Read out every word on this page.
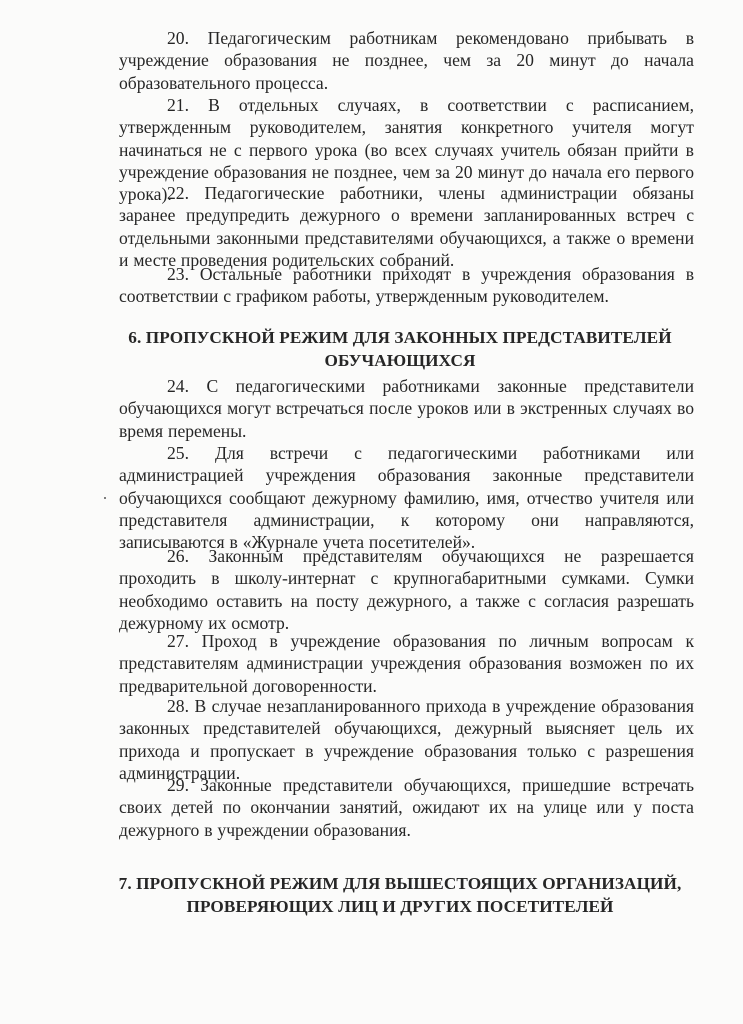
20. Педагогическим работникам рекомендовано прибывать в учреждение образования не позднее, чем за 20 минут до начала образовательного процесса.

21. В отдельных случаях, в соответствии с расписанием, утвержденным руководителем, занятия конкретного учителя могут начинаться не с первого урока (во всех случаях учитель обязан прийти в учреждение образования не позднее, чем за 20 минут до начала его первого урока).

22. Педагогические работники, члены администрации обязаны заранее предупредить дежурного о времени запланированных встреч с отдельными законными представителями обучающихся, а также о времени и месте проведения родительских собраний.

23. Остальные работники приходят в учреждения образования в соответствии с графиком работы, утвержденным руководителем.

6. ПРОПУСКНОЙ РЕЖИМ ДЛЯ ЗАКОННЫХ ПРЕДСТАВИТЕЛЕЙ
ОБУЧАЮЩИХСЯ

24. С педагогическими работниками законные представители обучающихся могут встречаться после уроков или в экстренных случаях во время перемены.

25. Для встречи с педагогическими работниками или администрацией учреждения образования законные представители обучающихся сообщают дежурному фамилию, имя, отчество учителя или представителя администрации, к которому они направляются, записываются в «Журнале учета посетителей».

26. Законным представителям обучающихся не разрешается проходить в школу-интернат с крупногабаритными сумками. Сумки необходимо оставить на посту дежурного, а также с согласия разрешать дежурному их осмотр.

27. Проход в учреждение образования по личным вопросам к представителям администрации учреждения образования возможен по их предварительной договоренности.

28. В случае незапланированного прихода в учреждение образования законных представителей обучающихся, дежурный выясняет цель их прихода и пропускает в учреждение образования только с разрешения администрации.

29. Законные представители обучающихся, пришедшие встречать своих детей по окончании занятий, ожидают их на улице или у поста дежурного в учреждении образования.

7. ПРОПУСКНОЙ РЕЖИМ ДЛЯ ВЫШЕСТОЯЩИХ ОРГАНИЗАЦИЙ,
ПРОВЕРЯЮЩИХ ЛИЦ И ДРУГИХ ПОСЕТИТЕЛЕЙ
